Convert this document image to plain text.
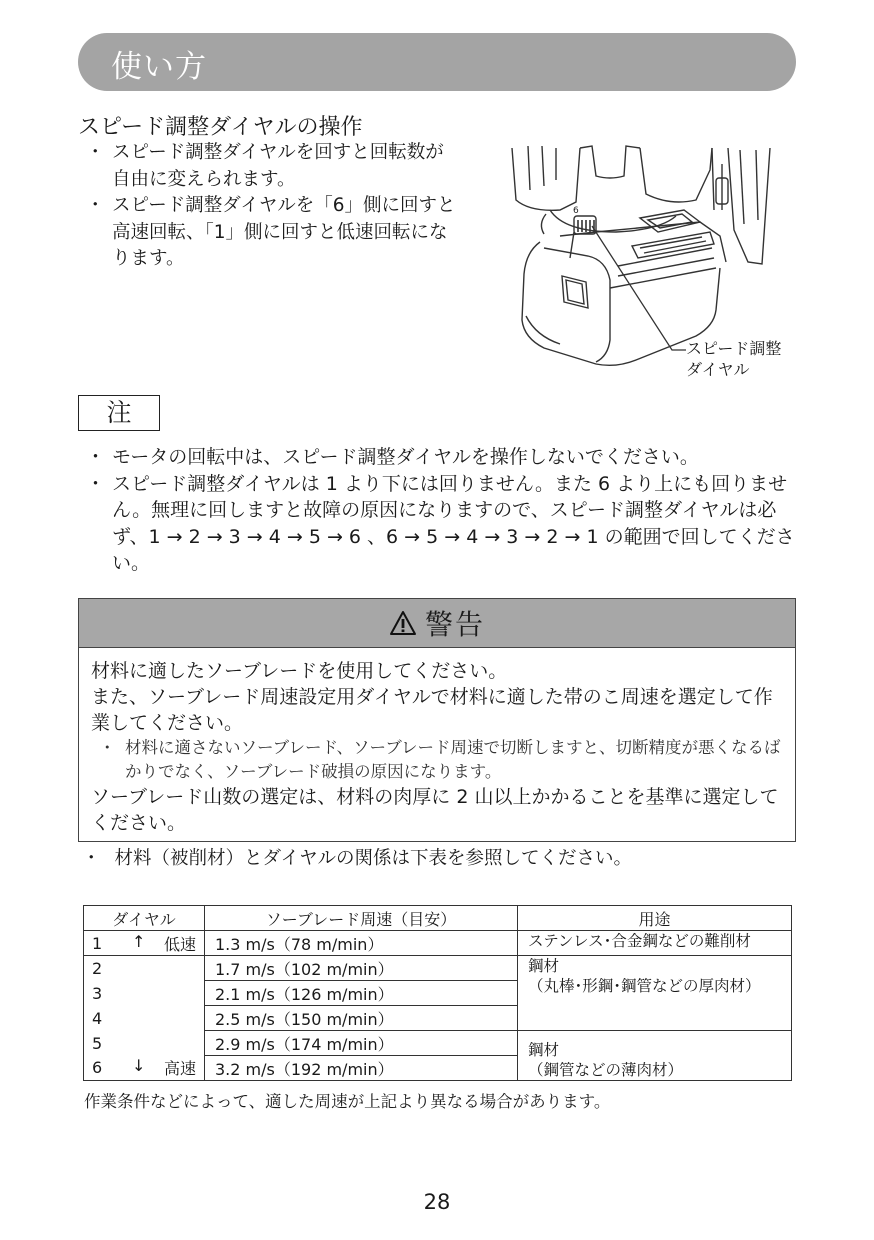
使い方
スピード調整ダイヤルの操作
・ スピード調整ダイヤルを回すと回転数が自由に変えられます。
・ スピード調整ダイヤルを「6」側に回すと高速回転、「1」側に回すと低速回転になります。
6
スピード調整
ダイヤル
注
・ モータの回転中は、スピード調整ダイヤルを操作しないでください。
・ スピード調整ダイヤルは 1 より下には回りません。また 6 より上にも回りません。無理に回しますと故障の原因になりますので、スピード調整ダイヤルは必ず、1 → 2 → 3 → 4 → 5 → 6 、6 → 5 → 4 → 3 → 2 → 1 の範囲で回してください。
警告

材料に適したソーブレードを使用してください。

また、ソーブレード周速設定用ダイヤルで材料に適した帯のこ周速を選定して作業してください。

・ 材料に適さないソーブレード、ソーブレード周速で切断しますと、切断精度が悪くなるばかりでなく、ソーブレード破損の原因になります。

ソーブレード山数の選定は、材料の肉厚に 2 山以上かかることを基準に選定してください。

・ 材料（被削材）とダイヤルの関係は下表を参照してください。
ダイヤル		ソーブレード周速（目安）	用途
1	↑ 低速	1.3 m/s（78 m/min）	ステンレス･合金鋼などの難削材

2		1.7 m/s（102 m/min）	鋼材
（丸棒･形鋼･鋼管などの厚肉材）

3		2.1 m/s（126 m/min）	
4		2.5 m/s（150 m/min）	
5		2.9 m/s（174 m/min）	鋼材
（鋼管などの薄肉材）

6	↓ 高速	3.2 m/s（192 m/min）	
作業条件などによって、適した周速が上記より異なる場合があります。
28
